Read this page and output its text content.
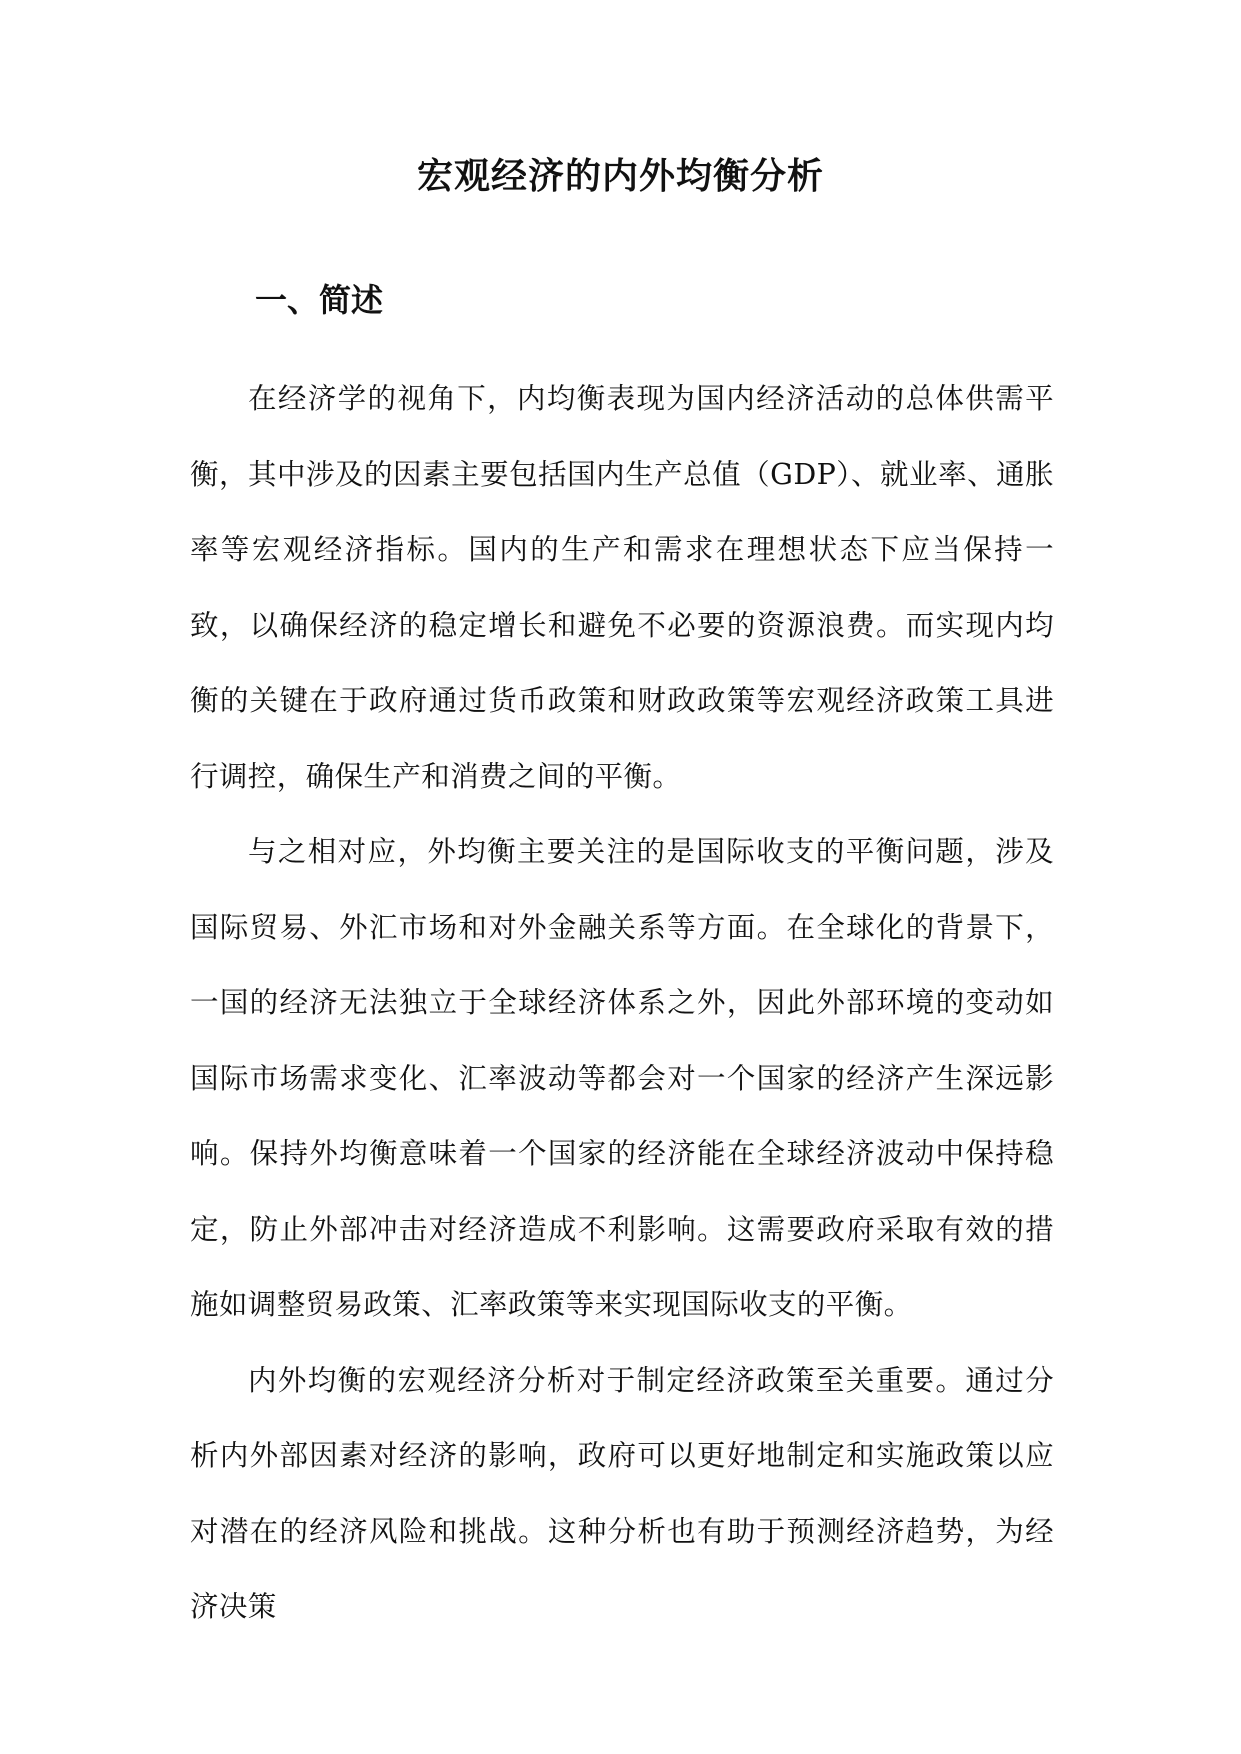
宏观经济的内外均衡分析
一、简述

在经济学的视角下，内均衡表现为国内经济活动的总体供需平衡，其中涉及的因素主要包括国内生产总值（GDP）、就业率、通胀率等宏观经济指标。国内的生产和需求在理想状态下应当保持一致，以确保经济的稳定增长和避免不必要的资源浪费。而实现内均衡的关键在于政府通过货币政策和财政政策等宏观经济政策工具进行调控，确保生产和消费之间的平衡。

与之相对应，外均衡主要关注的是国际收支的平衡问题，涉及国际贸易、外汇市场和对外金融关系等方面。在全球化的背景下，一国的经济无法独立于全球经济体系之外，因此外部环境的变动如国际市场需求变化、汇率波动等都会对一个国家的经济产生深远影响。保持外均衡意味着一个国家的经济能在全球经济波动中保持稳定，防止外部冲击对经济造成不利影响。这需要政府采取有效的措施如调整贸易政策、汇率政策等来实现国际收支的平衡。

内外均衡的宏观经济分析对于制定经济政策至关重要。通过分析内外部因素对经济的影响，政府可以更好地制定和实施政策以应对潜在的经济风险和挑战。这种分析也有助于预测经济趋势，为经济决策
